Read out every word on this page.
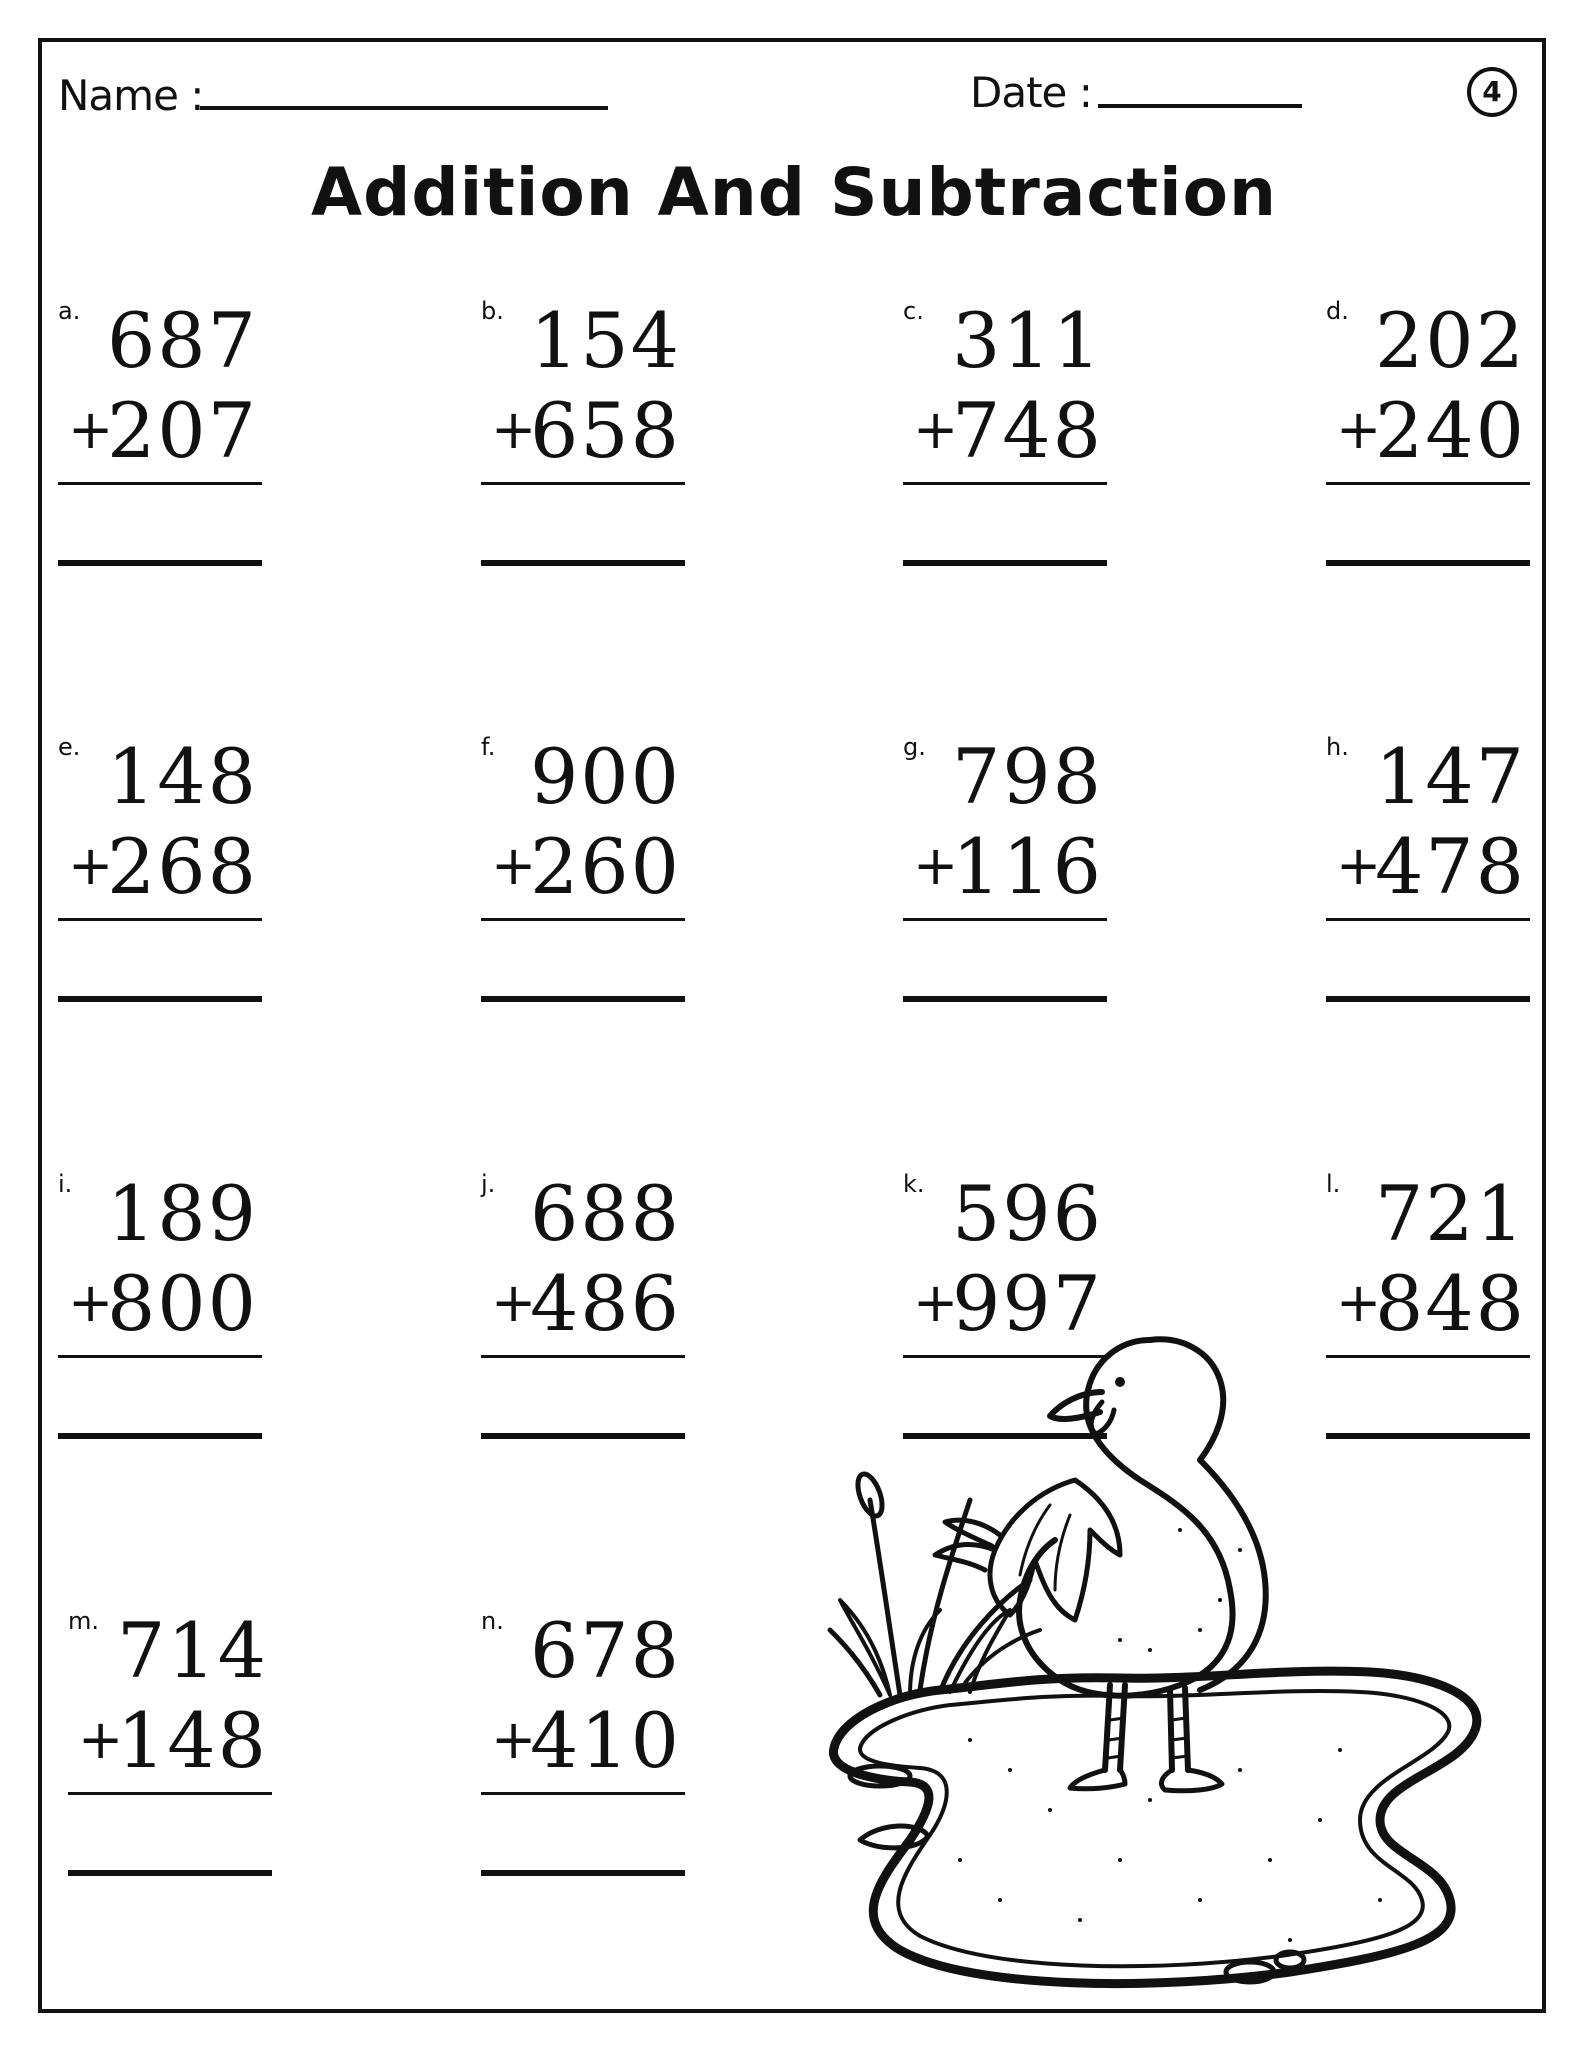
Name :	Date :	4
Addition And Subtraction
a. 687
+
207
b. 154
+
658
c. 311
+
748
d. 202
+
240
e. 148
+
268
f. 900
+
260
g. 798
+
116
h. 147
+
478
i. 189
+
800
j. 688
+
486
k. 596
+
997
l. 721
+
848
m. 714
+
148
n. 678
+
410
